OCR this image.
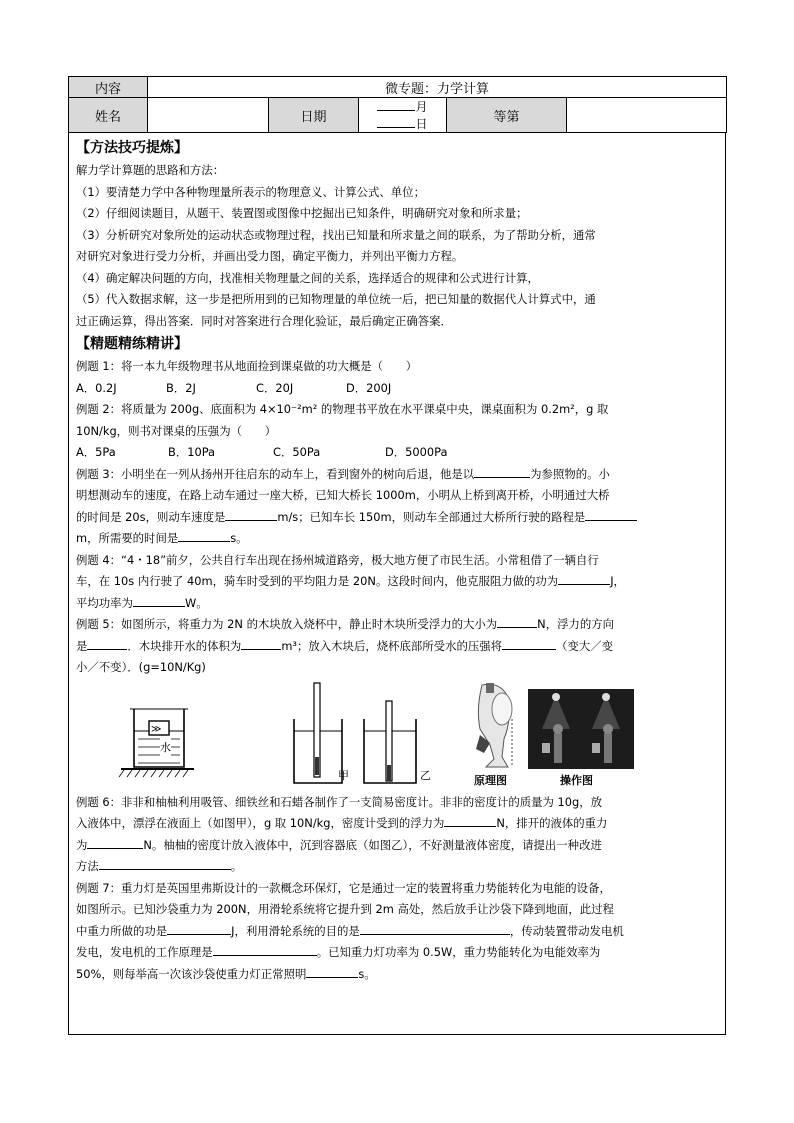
内容	微专题：力学计算				
姓名		日期	月日	等第	

【方法技巧提炼】

解力学计算题的思路和方法：

（1）要清楚力学中各种物理量所表示的物理意义、计算公式、单位；

（2）仔细阅读题目，从题干、装置图或图像中挖掘出已知条件，明确研究对象和所求量；

（3）分析研究对象所处的运动状态或物理过程，找出已知量和所求量之间的联系，为了帮助分析，通常

对研究对象进行受力分析，并画出受力图，确定平衡力，并列出平衡力方程。

（4）确定解决问题的方向，找准相关物理量之间的关系，选择适合的规律和公式进行计算，

（5）代入数据求解，这一步是把所用到的已知物理量的单位统一后，把已知量的数据代人计算式中，通

过正确运算，得出答案．同时对答案进行合理化验证，最后确定正确答案．

【精题精练精讲】

例题 1：将一本九年级物理书从地面捡到课桌做的功大概是（　　）

A．0.2J	B．2J	C．20J	D．200J

例题 2：将质量为 200g、底面积为 4×10⁻²m² 的物理书平放在水平课桌中央，课桌面积为 0.2m²，g 取

10N/kg，则书对课桌的压强为（　　）

A．5Pa	B．10Pa	C．50Pa	D．5000Pa

例题 3：小明坐在一列从扬州开往启东的动车上，看到窗外的树向后退，他是以	为参照物的。小

明想测动车的速度，在路上动车通过一座大桥，已知大桥长 1000m，小明从上桥到离开桥，小明通过大桥

的时间是 20s，则动车速度是	m/s；已知车长 150m，则动车全部通过大桥所行驶的路程是

m，所需要的时间是	s。

例题 4：“4・18”前夕，公共自行车出现在扬州城道路旁，极大地方便了市民生活。小常租借了一辆自行

车，在 10s 内行驶了 40m，骑车时受到的平均阻力是 20N。这段时间内，他克服阻力做的功为	J，

平均功率为	W。

例题 5：如图所示，将重力为 2N 的木块放入烧杯中，静止时木块所受浮力的大小为	N，浮力的方向

是	．木块排开水的体积为	m³；放入木块后，烧杯底部所受水的压强将	（变大／变

小／不变）．(g=10N/Kg)

≫
水
甲	乙	原理图	操作图

例题 6：非非和柚柚利用吸管、细铁丝和石蜡各制作了一支简易密度计。非非的密度计的质量为 10g，放

入液体中，漂浮在液面上（如图甲），g 取 10N/kg，密度计受到的浮力为	N，排开的液体的重力

为	N。柚柚的密度计放入液体中，沉到容器底（如图乙），不好测量液体密度，请提出一种改进

方法	。

例题 7：重力灯是英国里弗斯设计的一款概念环保灯，它是通过一定的装置将重力势能转化为电能的设备，

如图所示。已知沙袋重力为 200N，用滑轮系统将它提升到 2m 高处，然后放手让沙袋下降到地面，此过程

中重力所做的功是	J，利用滑轮系统的目的是	，传动装置带动发电机

发电，发电机的工作原理是	。已知重力灯功率为 0.5W，重力势能转化为电能效率为

50%，则每举高一次该沙袋使重力灯正常照明	s。
